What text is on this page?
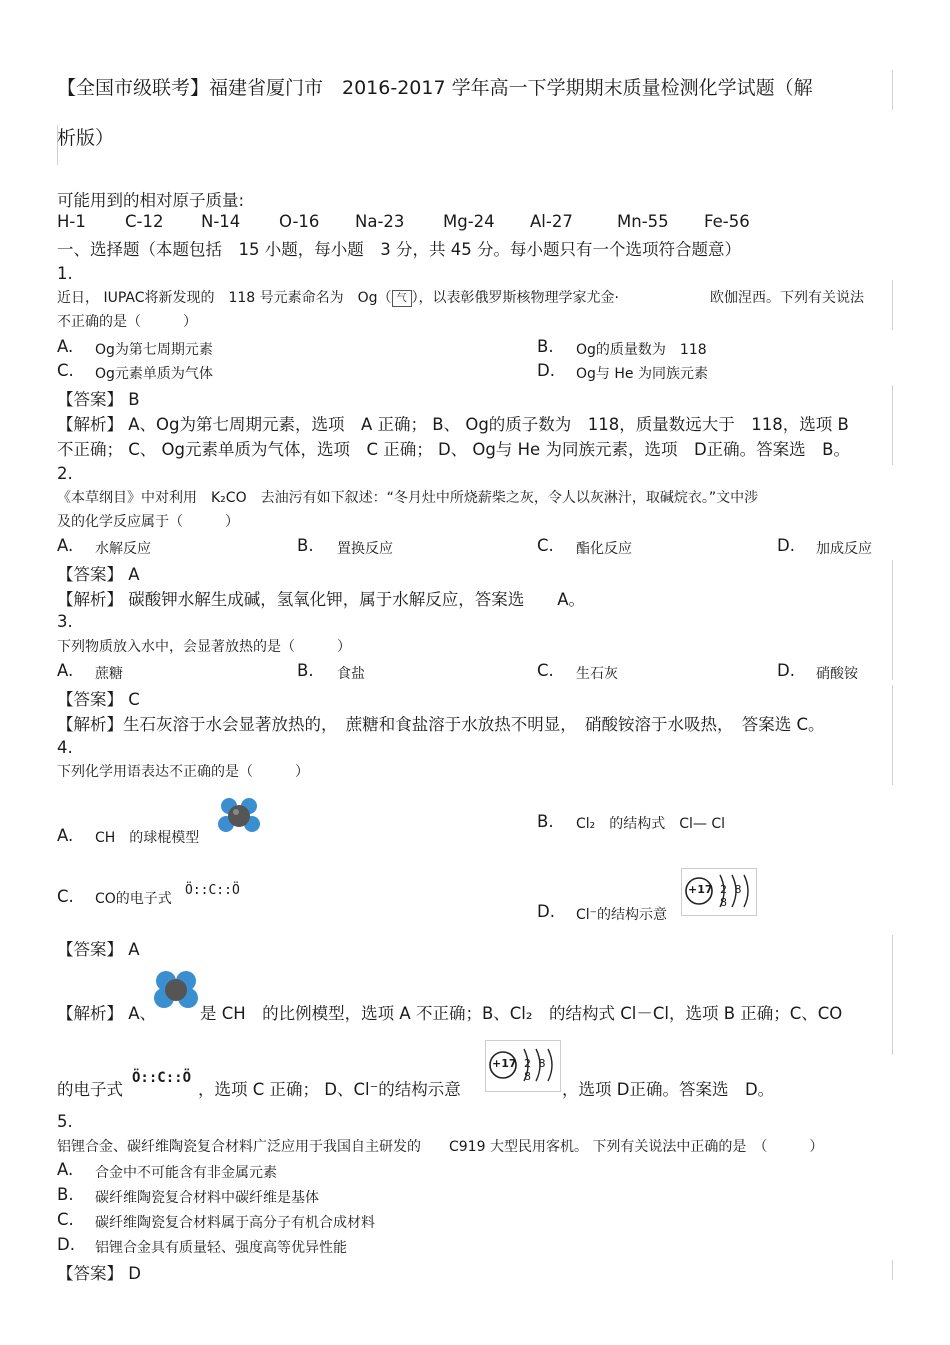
【全国市级联考】福建省厦门市　2016-2017 学年高一下学期期末质量检测化学试题（解
析版）
可能用到的相对原子质量:
H-1 C-12 N-14 O-16 Na-23 Mg-24 Al-27	Mn-55 Fe-56
一、选择题（本题包括　15 小题，每小题　3 分，共 45 分。每小题只有一个选项符合题意）
1.
近日， IUPAC将新发现的　118 号元素命名为　Og（ 气 ），以表彰俄罗斯核物理学家尤金·	欧伽涅西。下列有关说法
不正确的是（　　　）
A. Og为第七周期元素	B. Og的质量数为　118
C. Og元素单质为气体	D. Og与 He 为同族元素
【答案】 B
【解析】 A、Og为第七周期元素，选项　A 正确； B、 Og的质子数为　118，质量数远大于　118，选项 B
不正确； C、 Og元素单质为气体，选项　C 正确； D、 Og与 He 为同族元素，选项　D正确。答案选　B。
2.
《本草纲目》中对利用　K₂CO　去油污有如下叙述：“冬月灶中所烧薪柴之灰，令人以灰淋汁，取碱烷衣。”文中涉
及的化学反应属于（　　　）
A. 水解反应	B. 置换反应	C. 酯化反应	D. 加成反应
【答案】 A
【解析】 碳酸钾水解生成碱，氢氧化钾，属于水解反应，答案选　　A。
3.
下列物质放入水中，会显著放热的是（　　　）
A. 蔗糖	B. 食盐	C. 生石灰	D. 硝酸铵
【答案】 C
【解析】生石灰溶于水会显著放热的，　蔗糖和食盐溶于水放热不明显，　硝酸铵溶于水吸热，　答案选 C。
4.
下列化学用语表达不正确的是（　　　）
A. CH　的球棍模型
B. Cl₂　的结构式　Cl— Cl
C. CO的电子式
Ö::C::Ö
D. Cl⁻的结构示意
+17 2 8 8
【答案】 A
【解析】 A、	是 CH　的比例模型，选项 A 不正确；B、Cl₂　的结构式 Cl－Cl，选项 B 正确；C、CO
的电子式
Ö::C::Ö
，选项 C 正确； D、Cl⁻的结构示意
+17 2 8 8
，选项 D正确。答案选　D。
5.
铝锂合金、碳纤维陶瓷复合材料广泛应用于我国自主研发的　　C919 大型民用客机。 下列有关说法中正确的是　（　　　）
A. 合金中不可能含有非金属元素
B. 碳纤维陶瓷复合材料中碳纤维是基体
C. 碳纤维陶瓷复合材料属于高分子有机合成材料
D. 铝锂合金具有质量轻、强度高等优异性能
【答案】 D
